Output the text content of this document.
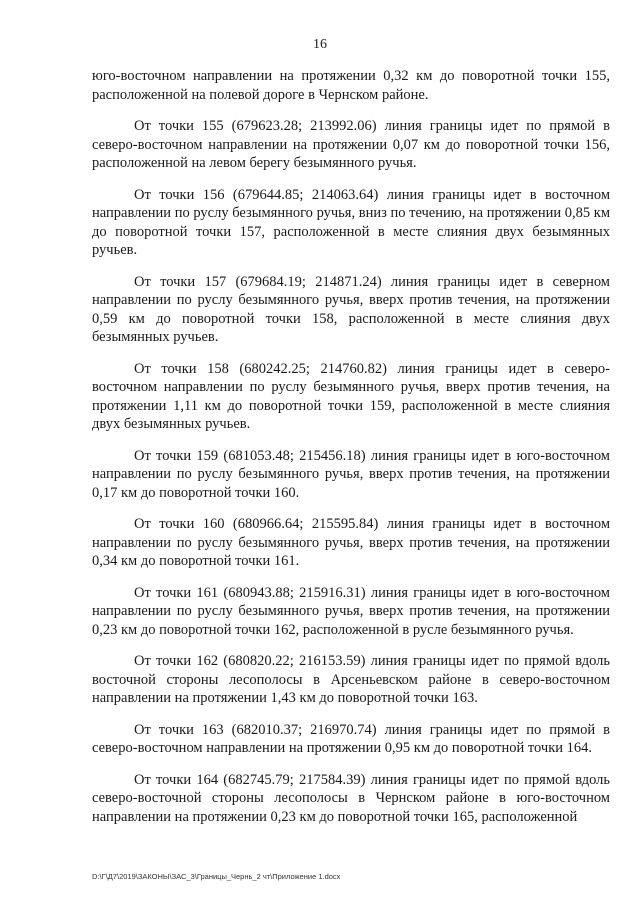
16

юго-восточном направлении на протяжении 0,32 км до поворотной точки 155, расположенной на полевой дороге в Чернском районе.

От точки 155 (679623.28; 213992.06) линия границы идет по прямой в северо-восточном направлении на протяжении 0,07 км до поворотной точки 156, расположенной на левом берегу безымянного ручья.

От точки 156 (679644.85; 214063.64) линия границы идет в восточном направлении по руслу безымянного ручья, вниз по течению, на протяжении 0,85 км до поворотной точки 157, расположенной в месте слияния двух безымянных ручьев.

От точки 157 (679684.19; 214871.24) линия границы идет в северном направлении по руслу безымянного ручья, вверх против течения, на протяжении 0,59 км до поворотной точки 158, расположенной в месте слияния двух безымянных ручьев.

От точки 158 (680242.25; 214760.82) линия границы идет в северо-восточном направлении по руслу безымянного ручья, вверх против течения, на протяжении 1,11 км до поворотной точки 159, расположенной в месте слияния двух безымянных ручьев.

От точки 159 (681053.48; 215456.18) линия границы идет в юго-восточном направлении по руслу безымянного ручья, вверх против течения, на протяжении 0,17 км до поворотной точки 160.

От точки 160 (680966.64; 215595.84) линия границы идет в восточном направлении по руслу безымянного ручья, вверх против течения, на протяжении 0,34 км до поворотной точки 161.

От точки 161 (680943.88; 215916.31) линия границы идет в юго-восточном направлении по руслу безымянного ручья, вверх против течения, на протяжении 0,23 км до поворотной точки 162, расположенной в русле безымянного ручья.

От точки 162 (680820.22; 216153.59) линия границы идет по прямой вдоль восточной стороны лесополосы в Арсеньевском районе в северо-восточном направлении на протяжении 1,43 км до поворотной точки 163.

От точки 163 (682010.37; 216970.74) линия границы идет по прямой в северо-восточном направлении на протяжении 0,95 км до поворотной точки 164.

От точки 164 (682745.79; 217584.39) линия границы идет по прямой вдоль северо-восточной стороны лесополосы в Чернском районе в юго-восточном направлении на протяжении 0,23 км до поворотной точки 165, расположенной

D:\Г\Д7\2019\ЗАКОНЫ\ЗАС_3\Границы_Чернь_2 чт\Приложение 1.docx
